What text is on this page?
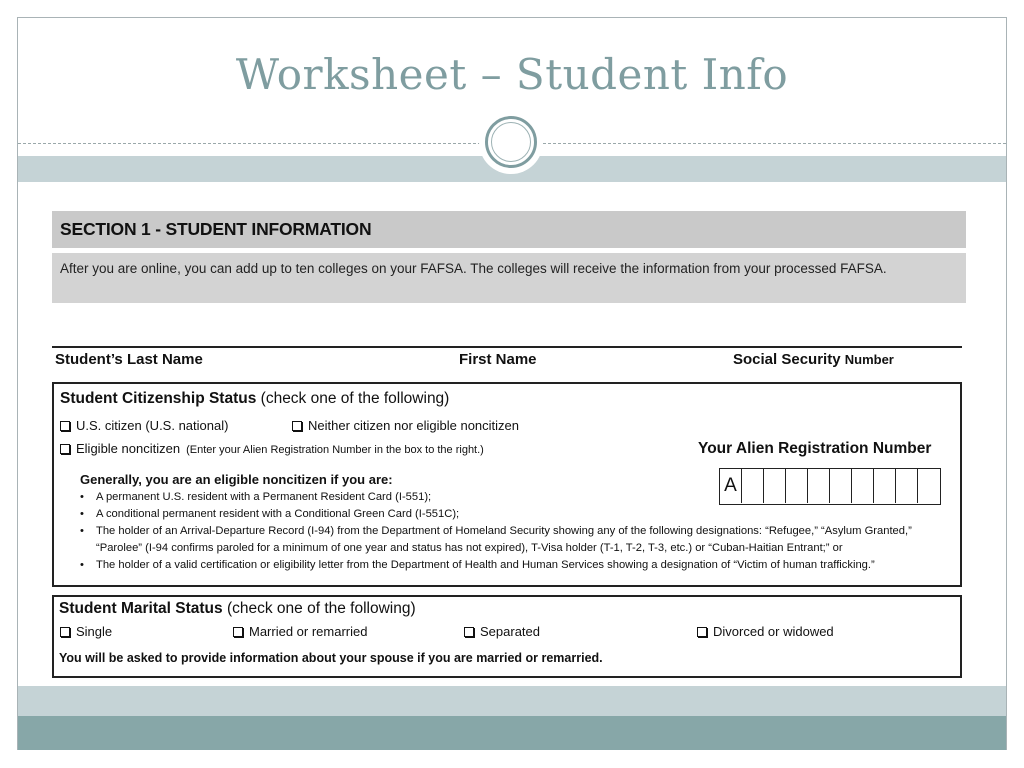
Worksheet – Student Info
SECTION 1 - STUDENT INFORMATION
After you are online, you can add up to ten colleges on your FAFSA. The colleges will receive the information from your processed FAFSA.
Student’s Last Name	First Name	Social Security Number
Student Citizenship Status (check one of the following)
U.S. citizen (U.S. national)	Neither citizen nor eligible noncitizen
Eligible noncitizen (Enter your Alien Registration Number in the box to the right.)	Your Alien Registration Number
A
Generally, you are an eligible noncitizen if you are:
• A permanent U.S. resident with a Permanent Resident Card (I-551);
• A conditional permanent resident with a Conditional Green Card (I-551C);
• The holder of an Arrival-Departure Record (I-94) from the Department of Homeland Security showing any of the following designations: “Refugee,” “Asylum Granted,” “Parolee” (I-94 confirms paroled for a minimum of one year and status has not expired), T-Visa holder (T-1, T-2, T-3, etc.) or “Cuban-Haitian Entrant;” or
• The holder of a valid certification or eligibility letter from the Department of Health and Human Services showing a designation of “Victim of human trafficking.”
Student Marital Status (check one of the following)
Single	Married or remarried	Separated	Divorced or widowed
You will be asked to provide information about your spouse if you are married or remarried.
